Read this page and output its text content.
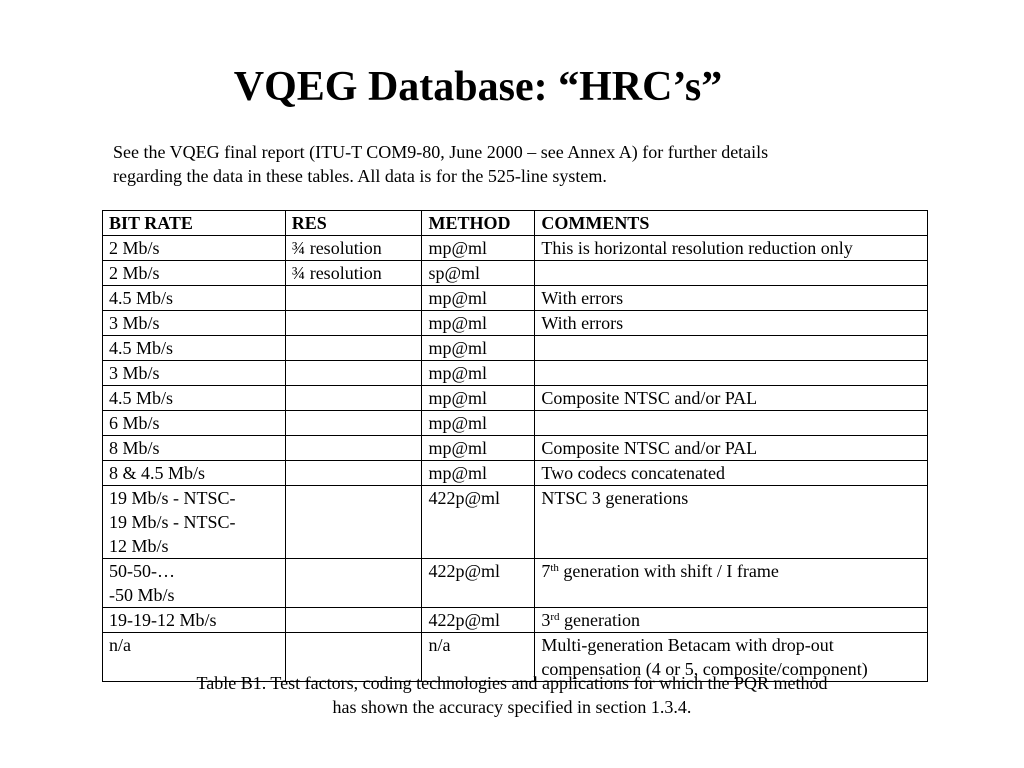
VQEG Database: “HRC’s”
See the VQEG final report (ITU-T COM9-80, June 2000 – see Annex A) for further details
regarding the data in these tables. All data is for the 525-line system.
BIT RATE	RES	METHOD	COMMENTS

2 Mb/s	¾ resolution	mp@ml	This is horizontal resolution reduction only

2 Mb/s	¾ resolution	sp@ml	

4.5 Mb/s		mp@ml	With errors

3 Mb/s		mp@ml	With errors

4.5 Mb/s		mp@ml	

3 Mb/s		mp@ml	

4.5 Mb/s		mp@ml	Composite NTSC and/or PAL

6 Mb/s		mp@ml	

8 Mb/s		mp@ml	Composite NTSC and/or PAL

8 & 4.5 Mb/s		mp@ml	Two codecs concatenated

19 Mb/s - NTSC-
19 Mb/s - NTSC-
12 Mb/s		422p@ml	NTSC 3 generations

50-50-…
-50 Mb/s		422p@ml	7th generation with shift / I frame

19-19-12 Mb/s		422p@ml	3rd generation

n/a		n/a	Multi-generation Betacam with drop-out
compensation (4 or 5, composite/component)
Table B1. Test factors, coding technologies and applications for which the PQR method
has shown the accuracy specified in section 1.3.4.
